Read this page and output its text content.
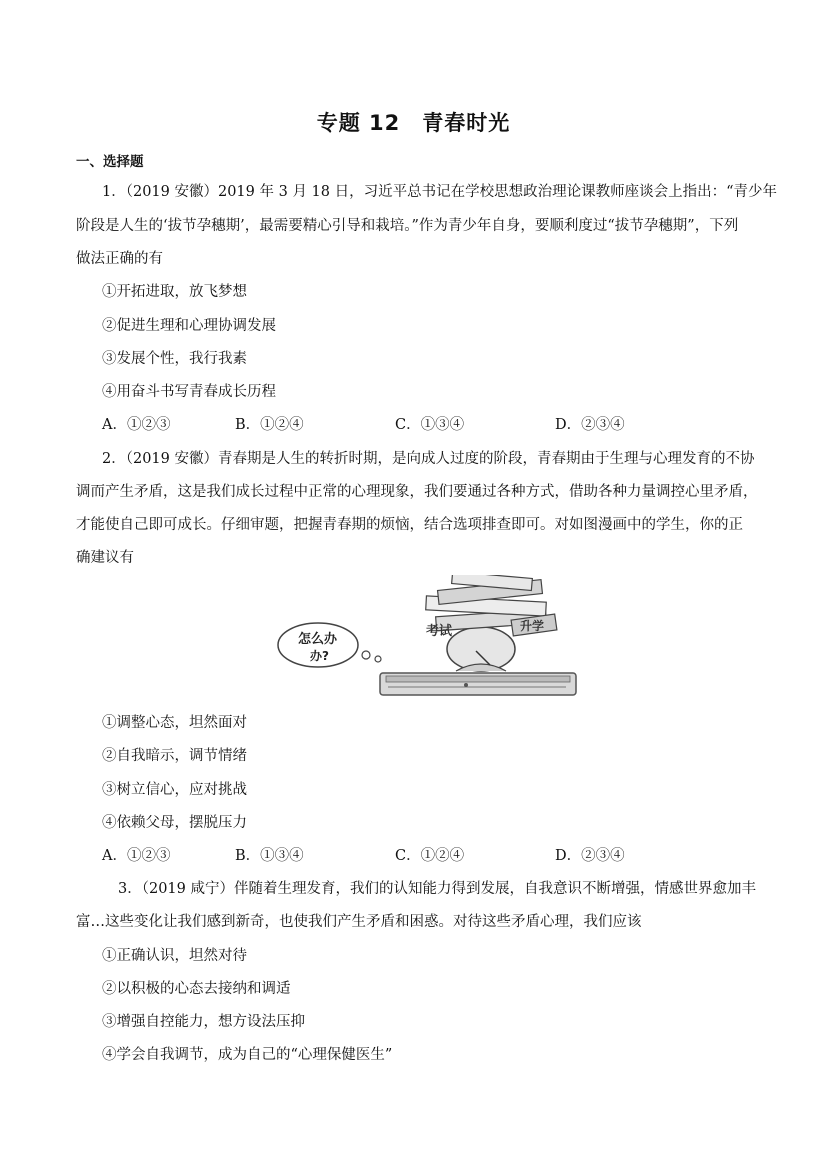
专题 12　青春时光
一、选择题
1．（2019 安徽）2019 年 3 月 18 日，习近平总书记在学校思想政治理论课教师座谈会上指出：“青少年
阶段是人生的‘拔节孕穗期’，最需要精心引导和栽培。”作为青少年自身，要顺利度过“拔节孕穗期”，下列
做法正确的有
①开拓进取，放飞梦想
②促进生理和心理协调发展
③发展个性，我行我素
④用奋斗书写青春成长历程
A．①②③	B．①②④	C．①③④	D．②③④
2．（2019 安徽）青春期是人生的转折时期，是向成人过度的阶段，青春期由于生理与心理发育的不协
调而产生矛盾，这是我们成长过程中正常的心理现象，我们要通过各种方式，借助各种力量调控心里矛盾，
才能使自己即可成长。仔细审题，把握青春期的烦恼，结合选项排查即可。对如图漫画中的学生，你的正
确建议有
考试	升学
怎么办
办?
①调整心态，坦然面对
②自我暗示，调节情绪
③树立信心，应对挑战
④依赖父母，摆脱压力
A．①②③	B．①③④	C．①②④	D．②③④
3．（2019 咸宁）伴随着生理发育，我们的认知能力得到发展，自我意识不断增强，情感世界愈加丰
富…这些变化让我们感到新奇，也使我们产生矛盾和困惑。对待这些矛盾心理，我们应该
①正确认识，坦然对待
②以积极的心态去接纳和调适
③增强自控能力，想方设法压抑
④学会自我调节，成为自己的“心理保健医生”
